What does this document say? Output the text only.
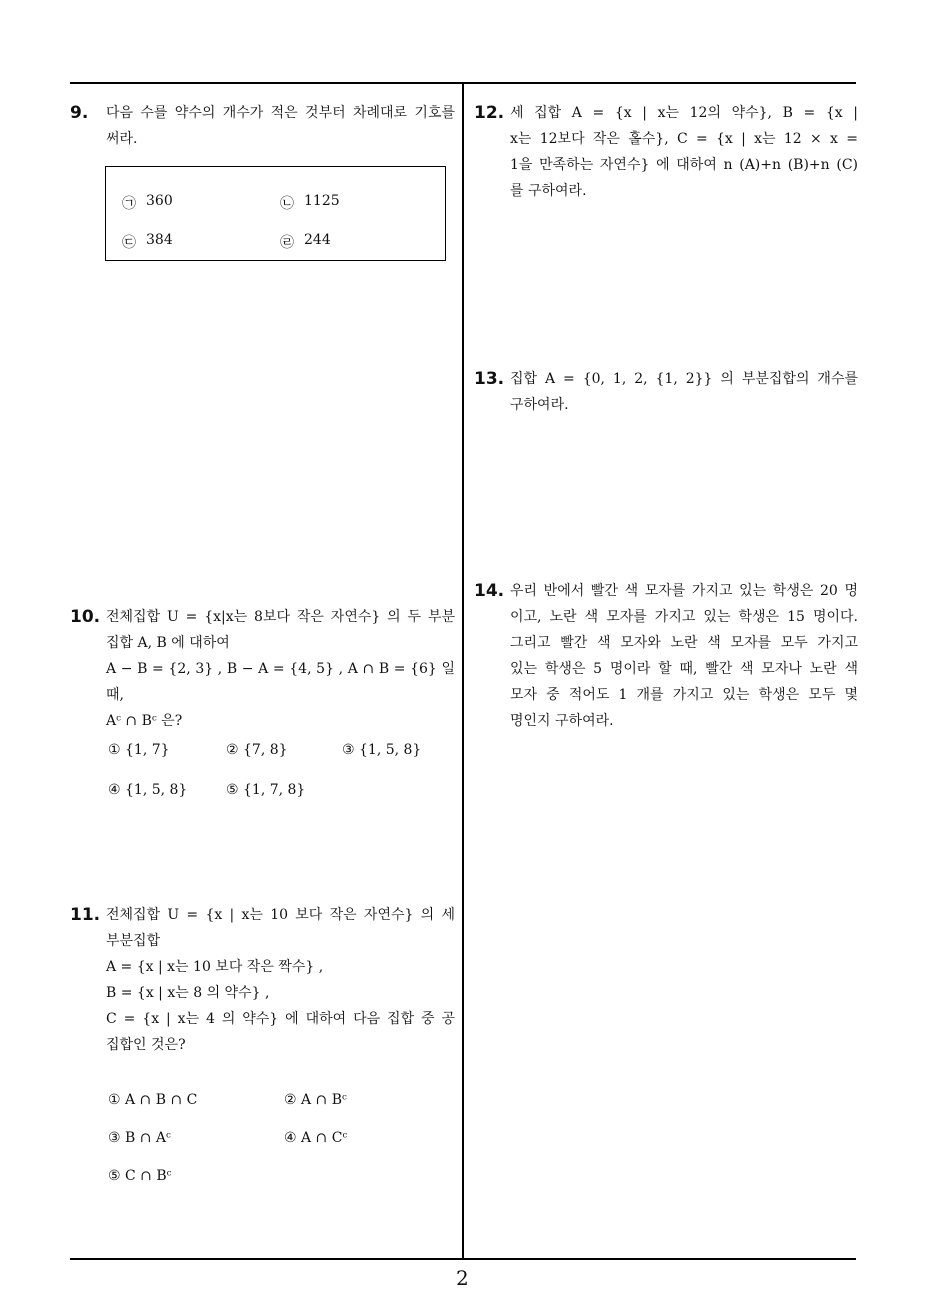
9. 다음 수를 약수의 개수가 적은 것부터 차례대로 기호를
써라.
㉠ 360	㉡ 1125
㉢ 384	㉣ 244
10. 전체집합 U = {x|x는 8보다 작은 자연수} 의 두 부분
집합 A, B 에 대하여
A − B = {2, 3} , B − A = {4, 5} , A ∩ B = {6} 일 때,
Aᶜ ∩ Bᶜ 은?
① {1, 7}	② {7, 8}	③ {1, 5, 8}
④ {1, 5, 8}	⑤ {1, 7, 8}
11. 전체집합 U = {x | x는 10 보다 작은 자연수} 의 세
부분집합
A = {x | x는 10 보다 작은 짝수} ,
B = {x | x는 8 의 약수} ,
C = {x | x는 4 의 약수} 에 대하여 다음 집합 중 공
집합인 것은?
① A ∩ B ∩ C	② A ∩ Bᶜ
③ B ∩ Aᶜ	④ A ∩ Cᶜ
⑤ C ∩ Bᶜ
12. 세 집합 A = {x | x는 12의 약수}, B = {x |
x는 12보다 작은 홀수}, C = {x | x는 12 × x =
1을 만족하는 자연수} 에 대하여 n (A)+n (B)+n (C)
를 구하여라.
13. 집합 A = {0, 1, 2, {1, 2}} 의 부분집합의 개수를
구하여라.
14. 우리 반에서 빨간 색 모자를 가지고 있는 학생은 20 명
이고, 노란 색 모자를 가지고 있는 학생은 15 명이다.
그리고 빨간 색 모자와 노란 색 모자를 모두 가지고
있는 학생은 5 명이라 할 때, 빨간 색 모자나 노란 색
모자 중 적어도 1 개를 가지고 있는 학생은 모두 몇
명인지 구하여라.
2
